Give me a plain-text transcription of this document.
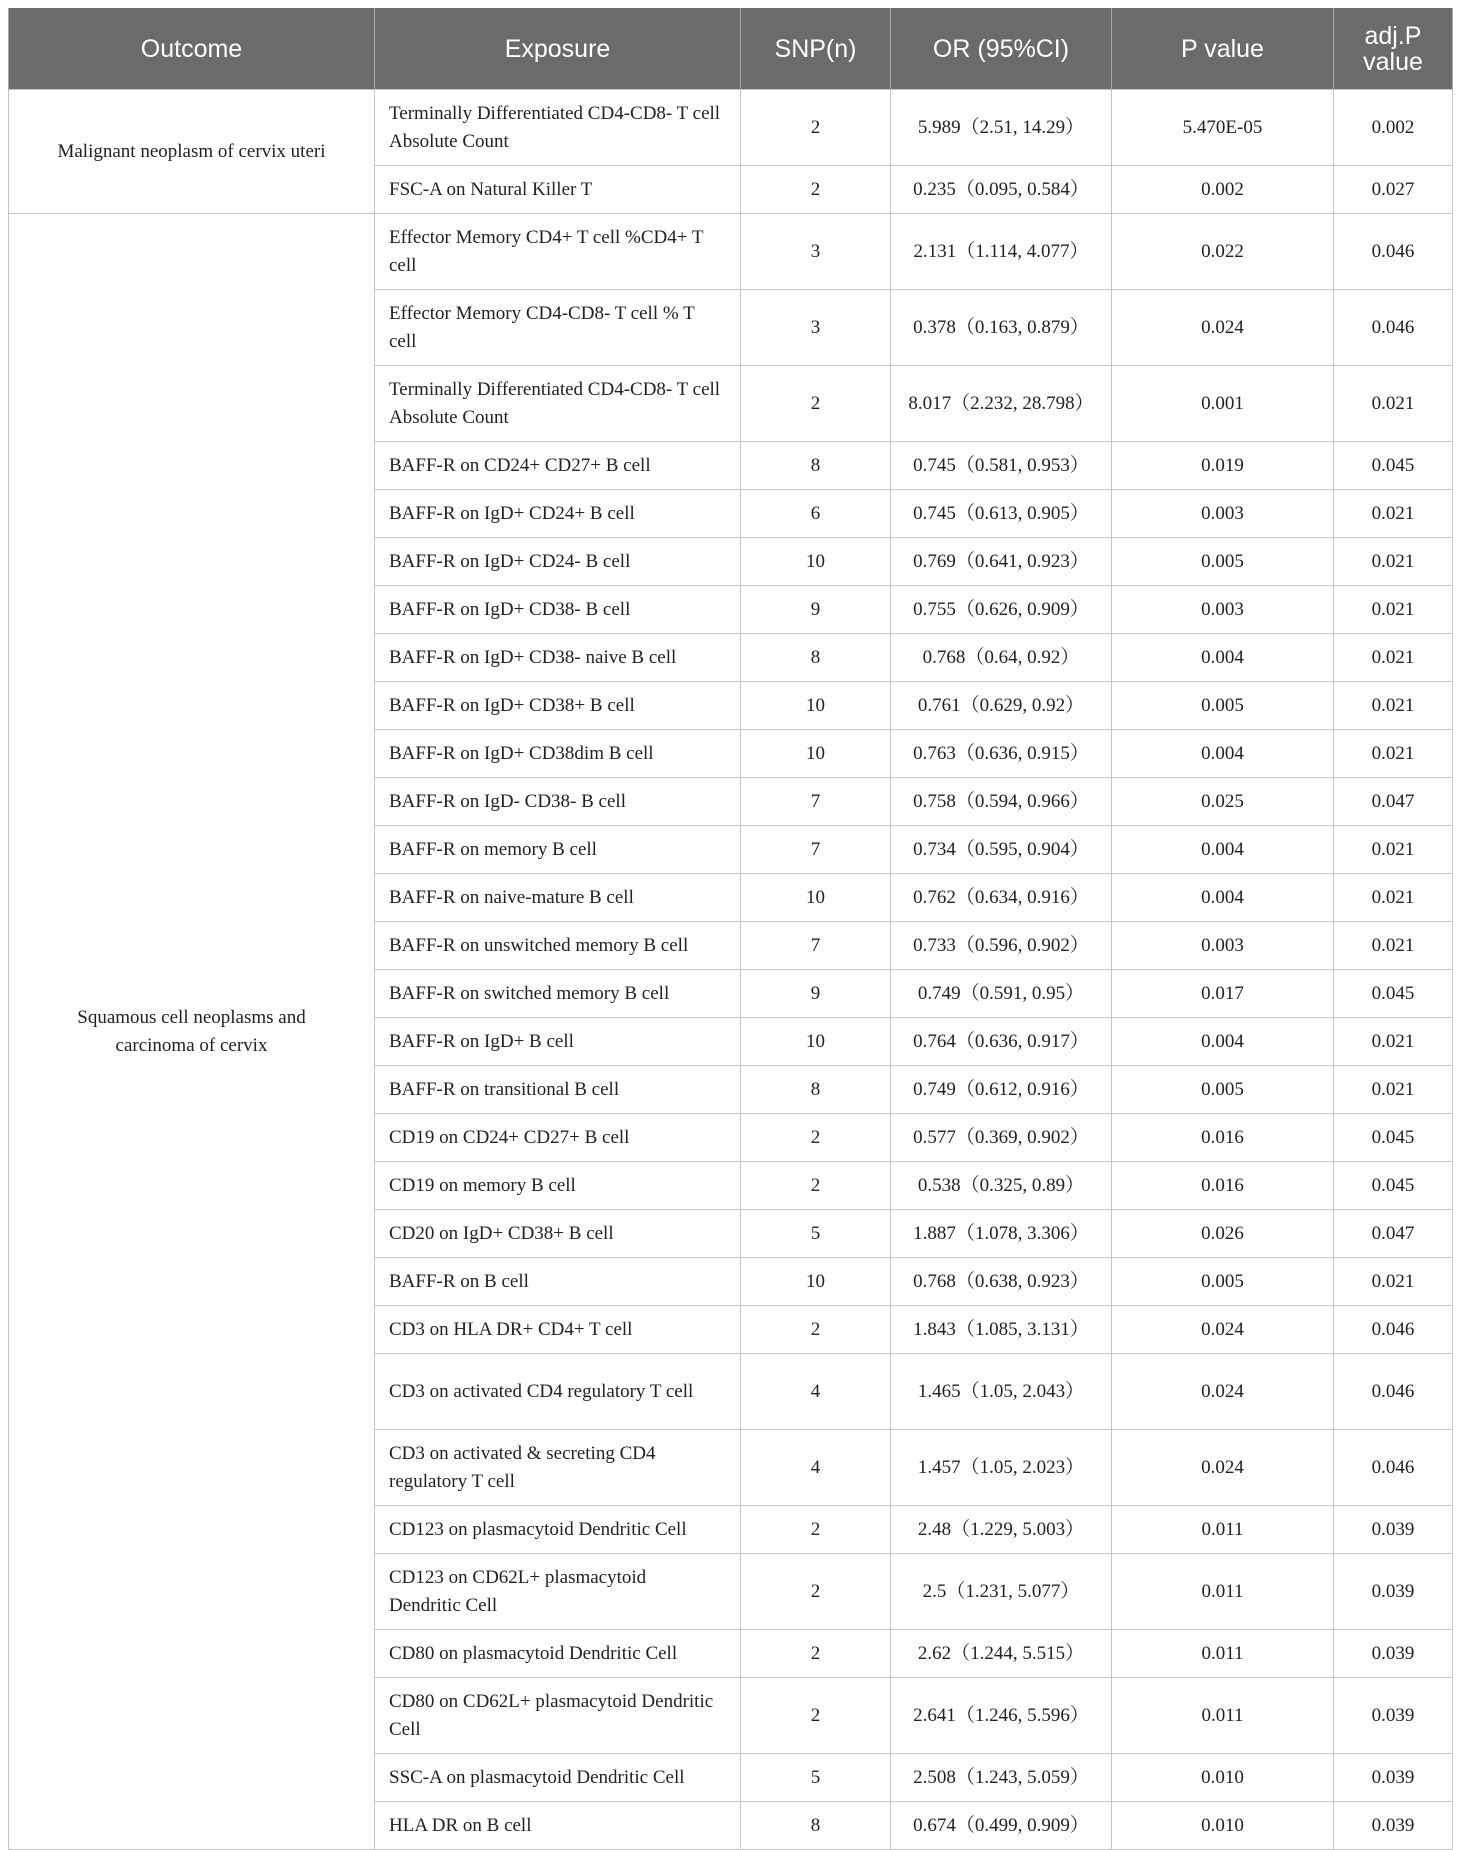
Outcome	Exposure	SNP(n)	OR (95%CI)	P value	adj.P value
Malignant neoplasm of cervix uteri	Terminally Differentiated CD4-CD8- T cell Absolute Count	2	5.989（2.51, 14.29）	5.470E-05	0.002
	FSC-A on Natural Killer T	2	0.235（0.095, 0.584）	0.002	0.027
Squamous cell neoplasms and carcinoma of cervix	Effector Memory CD4+ T cell %CD4+ T cell	3	2.131（1.114, 4.077）	0.022	0.046
	Effector Memory CD4-CD8- T cell % T cell	3	0.378（0.163, 0.879）	0.024	0.046
	Terminally Differentiated CD4-CD8- T cell Absolute Count	2	8.017（2.232, 28.798）	0.001	0.021
	BAFF-R on CD24+ CD27+ B cell	8	0.745（0.581, 0.953）	0.019	0.045
	BAFF-R on IgD+ CD24+ B cell	6	0.745（0.613, 0.905）	0.003	0.021
	BAFF-R on IgD+ CD24- B cell	10	0.769（0.641, 0.923）	0.005	0.021
	BAFF-R on IgD+ CD38- B cell	9	0.755（0.626, 0.909）	0.003	0.021
	BAFF-R on IgD+ CD38- naive B cell	8	0.768（0.64, 0.92）	0.004	0.021
	BAFF-R on IgD+ CD38+ B cell	10	0.761（0.629, 0.92）	0.005	0.021
	BAFF-R on IgD+ CD38dim B cell	10	0.763（0.636, 0.915）	0.004	0.021
	BAFF-R on IgD- CD38- B cell	7	0.758（0.594, 0.966）	0.025	0.047
	BAFF-R on memory B cell	7	0.734（0.595, 0.904）	0.004	0.021
	BAFF-R on naive-mature B cell	10	0.762（0.634, 0.916）	0.004	0.021
	BAFF-R on unswitched memory B cell	7	0.733（0.596, 0.902）	0.003	0.021
	BAFF-R on switched memory B cell	9	0.749（0.591, 0.95）	0.017	0.045
	BAFF-R on IgD+ B cell	10	0.764（0.636, 0.917）	0.004	0.021
	BAFF-R on transitional B cell	8	0.749（0.612, 0.916）	0.005	0.021
	CD19 on CD24+ CD27+ B cell	2	0.577（0.369, 0.902）	0.016	0.045
	CD19 on memory B cell	2	0.538（0.325, 0.89）	0.016	0.045
	CD20 on IgD+ CD38+ B cell	5	1.887（1.078, 3.306）	0.026	0.047
	BAFF-R on B cell	10	0.768（0.638, 0.923）	0.005	0.021
	CD3 on HLA DR+ CD4+ T cell	2	1.843（1.085, 3.131）	0.024	0.046
	CD3 on activated CD4 regulatory T cell	4	1.465（1.05, 2.043）	0.024	0.046
	CD3 on activated & secreting CD4 regulatory T cell	4	1.457（1.05, 2.023）	0.024	0.046
	CD123 on plasmacytoid Dendritic Cell	2	2.48（1.229, 5.003）	0.011	0.039
	CD123 on CD62L+ plasmacytoid Dendritic Cell	2	2.5（1.231, 5.077）	0.011	0.039
	CD80 on plasmacytoid Dendritic Cell	2	2.62（1.244, 5.515）	0.011	0.039
	CD80 on CD62L+ plasmacytoid Dendritic Cell	2	2.641（1.246, 5.596）	0.011	0.039
	SSC-A on plasmacytoid Dendritic Cell	5	2.508（1.243, 5.059）	0.010	0.039
	HLA DR on B cell	8	0.674（0.499, 0.909）	0.010	0.039
